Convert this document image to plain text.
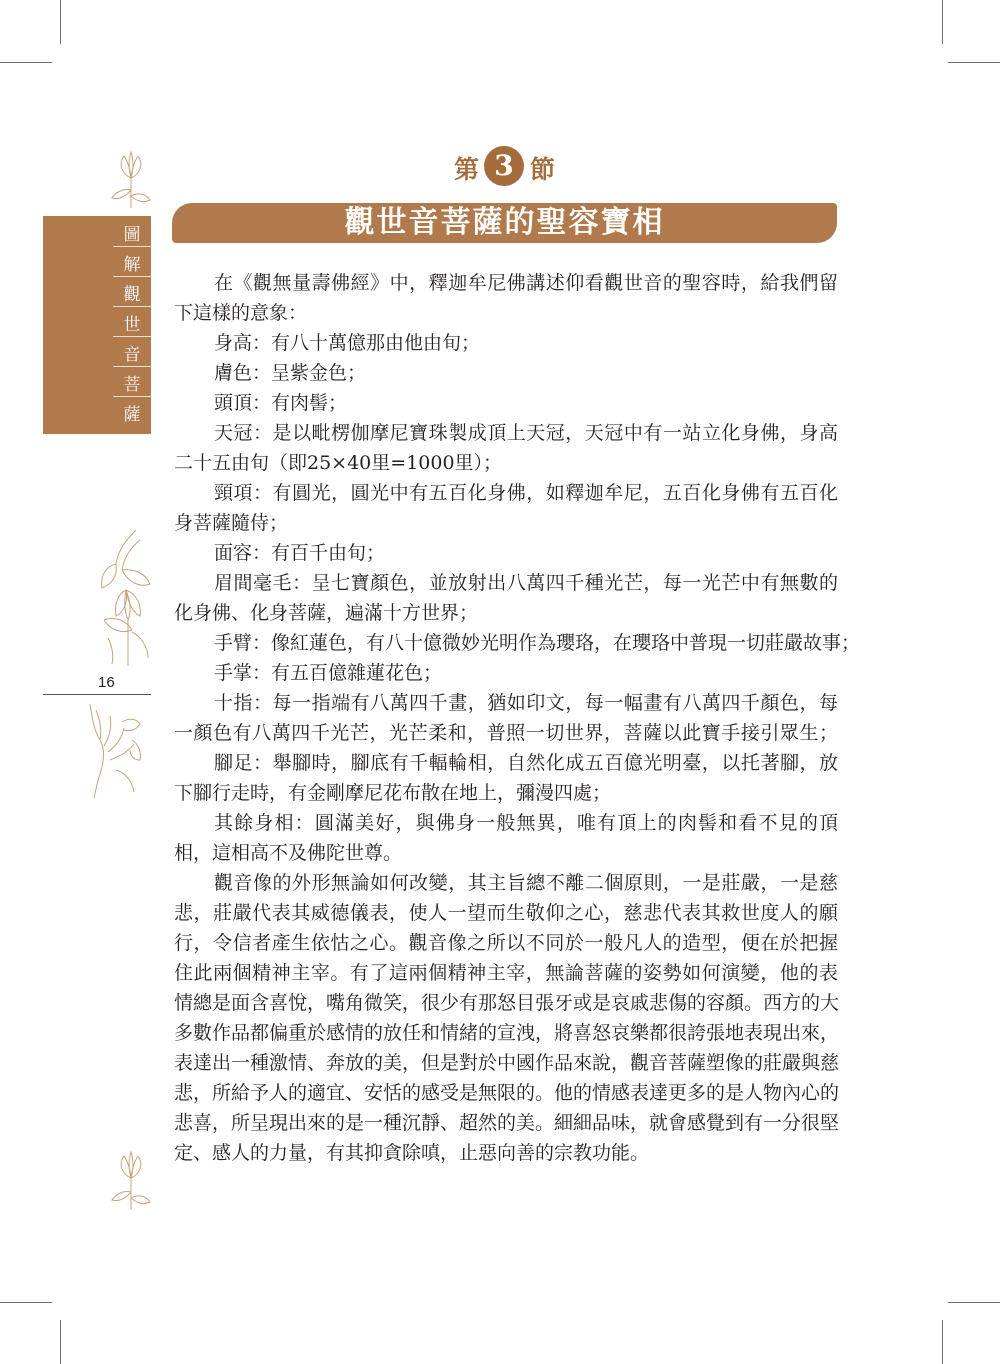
圖
解
觀
世
音
菩
薩
16
第 3 節
觀世音菩薩的聖容寶相
在《觀無量壽佛經》中，釋迦牟尼佛講述仰看觀世音的聖容時，給我們留
下這樣的意象：
身高：有八十萬億那由他由旬；
膚色：呈紫金色；
頭頂：有肉髻；
天冠：是以毗楞伽摩尼寶珠製成頂上天冠，天冠中有一站立化身佛，身高
二十五由旬（即25×40里=1000里）；
頸項：有圓光，圓光中有五百化身佛，如釋迦牟尼，五百化身佛有五百化
身菩薩隨侍；
面容：有百千由旬；
眉間毫毛：呈七寶顏色，並放射出八萬四千種光芒，每一光芒中有無數的
化身佛、化身菩薩，遍滿十方世界；
手臂：像紅蓮色，有八十億微妙光明作為瓔珞，在瓔珞中普現一切莊嚴故事；
手掌：有五百億雜蓮花色；
十指：每一指端有八萬四千畫，猶如印文，每一幅畫有八萬四千顏色，每
一顏色有八萬四千光芒，光芒柔和，普照一切世界，菩薩以此寶手接引眾生；
腳足：舉腳時，腳底有千輻輪相，自然化成五百億光明臺，以托著腳，放
下腳行走時，有金剛摩尼花布散在地上，彌漫四處；
其餘身相：圓滿美好，與佛身一般無異，唯有頂上的肉髻和看不見的頂
相，這相高不及佛陀世尊。
觀音像的外形無論如何改變，其主旨總不離二個原則，一是莊嚴，一是慈
悲，莊嚴代表其威德儀表，使人一望而生敬仰之心，慈悲代表其救世度人的願
行，令信者產生依怙之心。觀音像之所以不同於一般凡人的造型，便在於把握
住此兩個精神主宰。有了這兩個精神主宰，無論菩薩的姿勢如何演變，他的表
情總是面含喜悅，嘴角微笑，很少有那怒目張牙或是哀戚悲傷的容顏。西方的大
多數作品都偏重於感情的放任和情緒的宣洩，將喜怒哀樂都很誇張地表現出來，
表達出一種激情、奔放的美，但是對於中國作品來說，觀音菩薩塑像的莊嚴與慈
悲，所給予人的適宜、安恬的感受是無限的。他的情感表達更多的是人物內心的
悲喜，所呈現出來的是一種沉靜、超然的美。細細品味，就會感覺到有一分很堅
定、感人的力量，有其抑貪除嗔，止惡向善的宗教功能。
